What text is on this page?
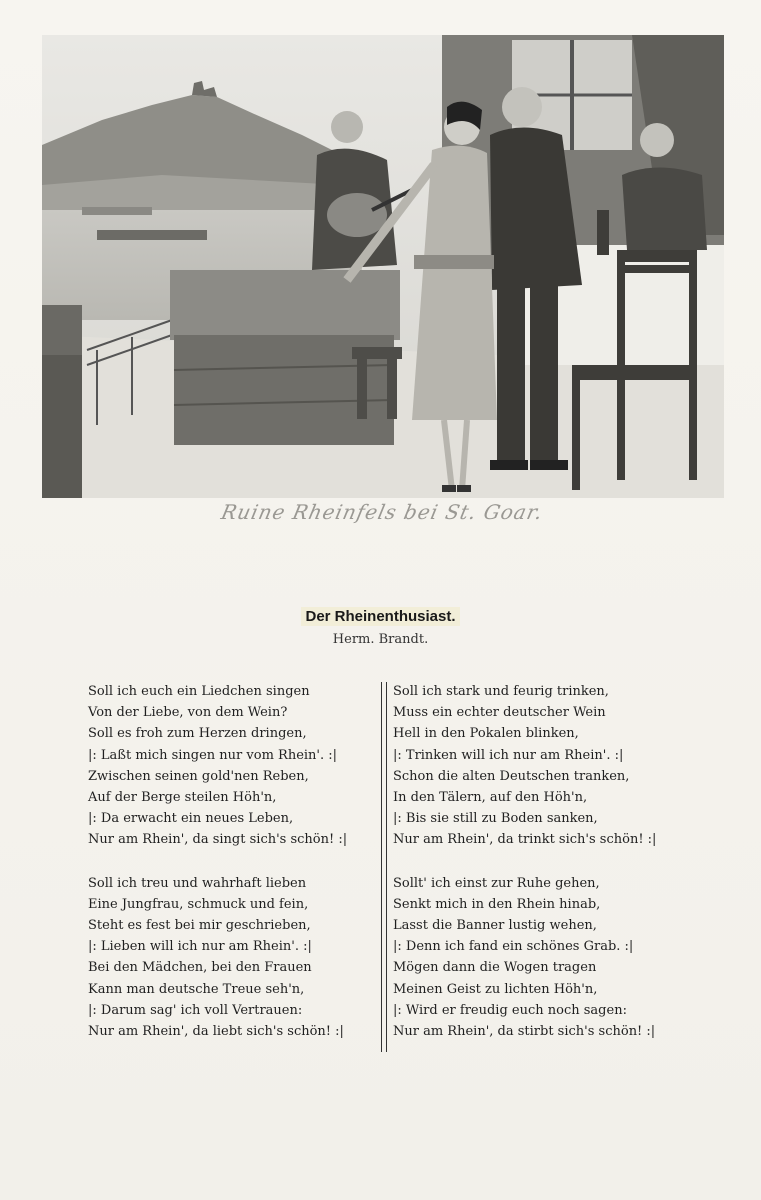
Ruine Rheinfels bei St. Goar.
Der Rheinenthusiast.
Herm. Brandt.
Soll ich euch ein Liedchen singen
Von der Liebe, von dem Wein?
Soll es froh zum Herzen dringen,
|: Laßt mich singen nur vom Rhein'. :|
Zwischen seinen gold'nen Reben,
Auf der Berge steilen Höh'n,
|: Da erwacht ein neues Leben,
Nur am Rhein', da singt sich's schön! :|
Soll ich treu und wahrhaft lieben
Eine Jungfrau, schmuck und fein,
Steht es fest bei mir geschrieben,
|: Lieben will ich nur am Rhein'. :|
Bei den Mädchen, bei den Frauen
Kann man deutsche Treue seh'n,
|: Darum sag' ich voll Vertrauen:
Nur am Rhein', da liebt sich's schön! :|
Soll ich stark und feurig trinken,
Muss ein echter deutscher Wein
Hell in den Pokalen blinken,
|: Trinken will ich nur am Rhein'. :|
Schon die alten Deutschen tranken,
In den Tälern, auf den Höh'n,
|: Bis sie still zu Boden sanken,
Nur am Rhein', da trinkt sich's schön! :|
Sollt' ich einst zur Ruhe gehen,
Senkt mich in den Rhein hinab,
Lasst die Banner lustig wehen,
|: Denn ich fand ein schönes Grab. :|
Mögen dann die Wogen tragen
Meinen Geist zu lichten Höh'n,
|: Wird er freudig euch noch sagen:
Nur am Rhein', da stirbt sich's schön! :|
